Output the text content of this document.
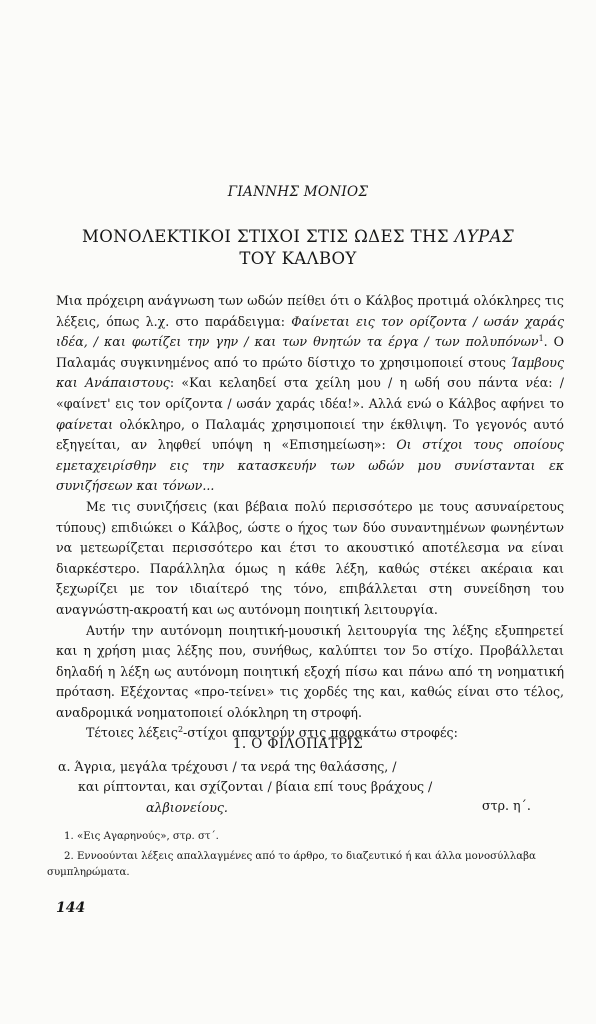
ΓΙΑΝΝΗΣ ΜΟΝΙΟΣ
ΜΟΝΟΛΕΚΤΙΚΟΙ ΣΤΙΧΟΙ ΣΤΙΣ ΩΔΕΣ ΤΗΣ ΛΥΡΑΣ
ΤΟΥ ΚΑΛΒΟΥ

Μια πρόχειρη ανάγνωση των ωδών πείθει ότι ο Κάλβος προτιμά ολόκληρες τις λέξεις, όπως λ.χ. στο παράδειγμα: Φαίνεται εις τον ορίζοντα / ωσάν χαράς ιδέα, / και φωτίζει την γην / και των θνητών τα έργα / των πολυπόνων$^1$. Ο Παλαμάς συγκινημένος από το πρώτο δίστιχο το χρησιμοποιεί στους Ίαμβους και Ανάπαιστους: «Και κελαηδεί στα χείλη μου / η ωδή σου πάντα νέα: / «φαίνετ' εις τον ορίζοντα / ωσάν χαράς ιδέα!». Αλλά ενώ ο Κάλβος αφήνει το φαίνεται ολόκληρο, ο Παλαμάς χρησιμοποιεί την έκθλιψη. Το γεγονός αυτό εξηγείται, αν ληφθεί υπόψη η «Επισημείωση»: Οι στίχοι τους οποίους εμεταχειρίσθην εις την κατασκευήν των ωδών μου συνίστανται εκ συνιζήσεων και τόνων...

Με τις συνιζήσεις (και βέβαια πολύ περισσότερο με τους ασυναίρετους τύπους) επιδιώκει ο Κάλβος, ώστε ο ήχος των δύο συναντημένων φωνηέντων να μετεωρίζεται περισσότερο και έτσι το ακουστικό αποτέλεσμα να είναι διαρκέστερο. Παράλληλα όμως η κάθε λέξη, καθώς στέκει ακέραια και ξεχωρίζει με τον ιδιαίτερό της τόνο, επιβάλλεται στη συνείδηση του αναγνώστη-ακροατή και ως αυτόνομη ποιητική λειτουργία.

Αυτήν την αυτόνομη ποιητική-μουσική λειτουργία της λέξης εξυπηρετεί και η χρήση μιας λέξης που, συνήθως, καλύπτει τον 5ο στίχο. Προβάλλεται δηλαδή η λέξη ως αυτόνομη ποιητική εξοχή πίσω και πάνω από τη νοηματική πρόταση. Εξέχοντας «προ-τείνει» τις χορδές της και, καθώς είναι στο τέλος, αναδρομικά νοηματοποιεί ολόκληρη τη στροφή.

Τέτοιες λέξεις$^2$-στίχοι απαντούν στις παρακάτω στροφές:

1. Ο ΦΙΛΟΠΑΤΡΙΣ
α. Άγρια, μεγάλα τρέχουσι / τα νερά της θαλάσσης, /
και ρίπτονται, και σχίζονται / βίαια επί τους βράχους /
αλβιονείους.	στρ. η΄.
1. «Εις Αγαρηνούς», στρ. στ΄.
2. Εννοούνται λέξεις απαλλαγμένες από το άρθρο, το διαζευτικό ή και άλλα μονοσύλλαβα
συμπληρώματα.
144
